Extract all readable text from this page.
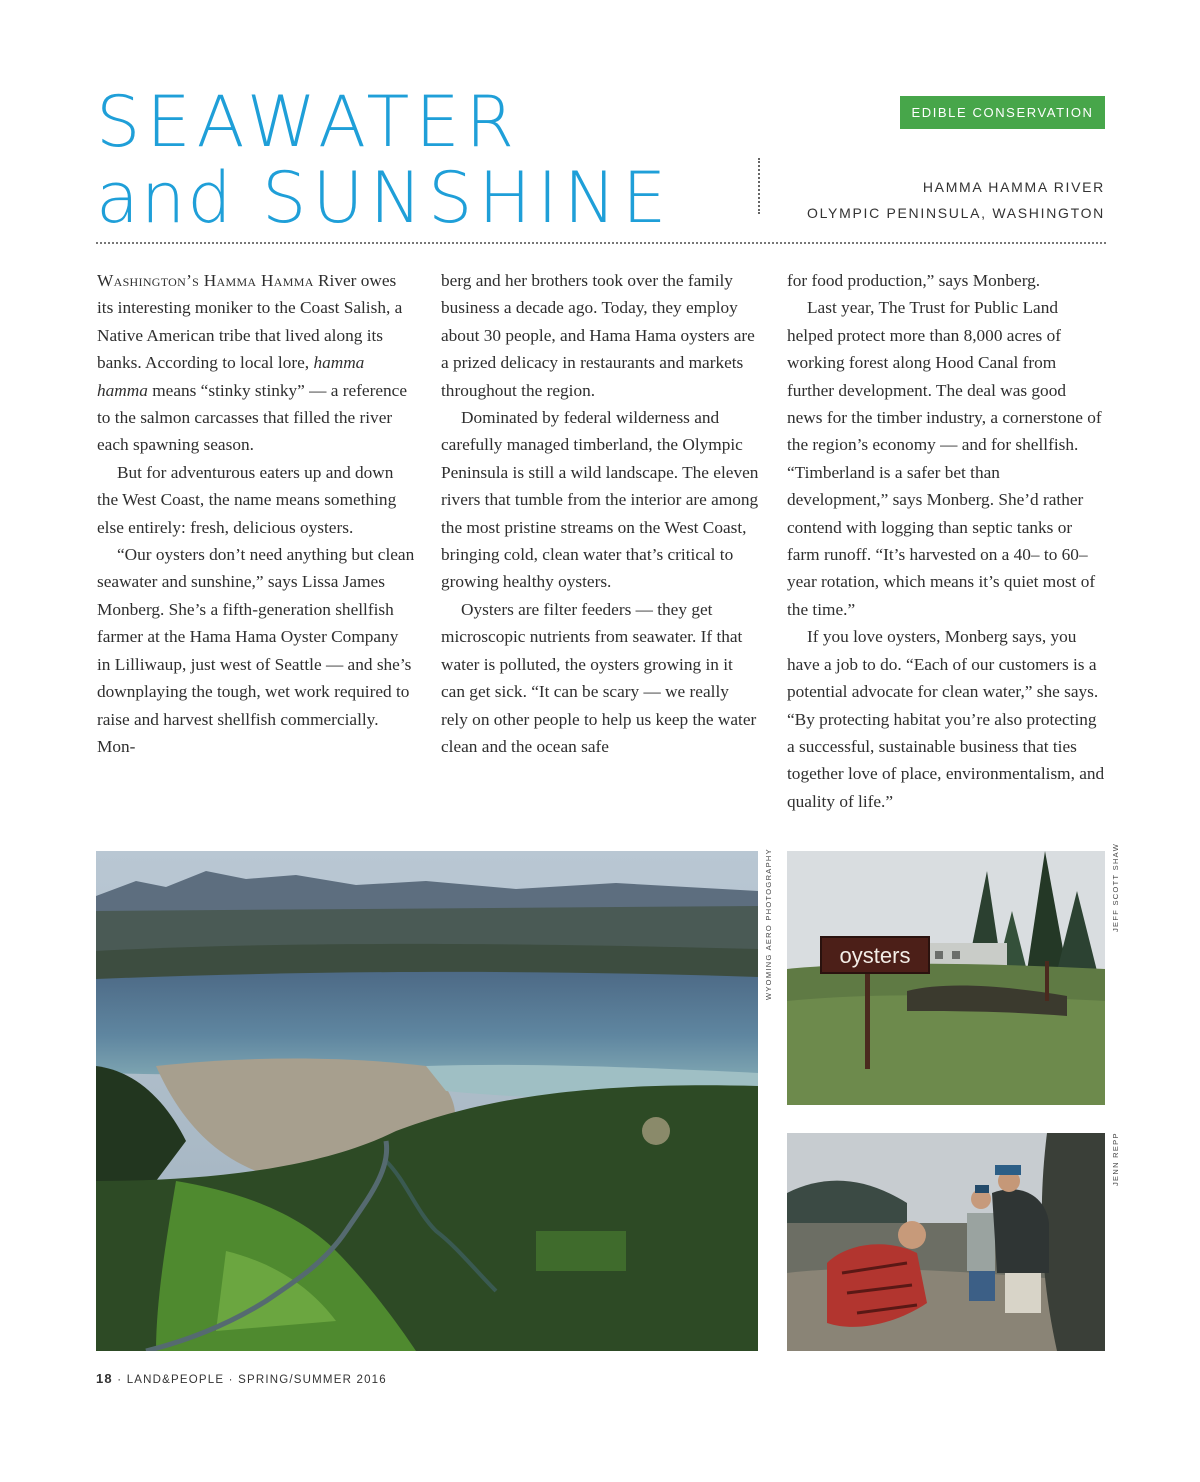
SEAWATER
and SUNSHINE
EDIBLE CONSERVATION
HAMMA HAMMA RIVER
OLYMPIC PENINSULA, WASHINGTON

Washington’s Hamma Hamma River owes its interesting moniker to the Coast Salish, a Native American tribe that lived along its banks. According to local lore, hamma hamma means “stinky stinky” — a reference to the salmon carcasses that filled the river each spawning season.

But for adventurous eaters up and down the West Coast, the name means something else entirely: fresh, delicious oysters.

“Our oysters don’t need anything but clean seawater and sunshine,” says Lissa James Monberg. She’s a fifth-generation shellfish farmer at the Hama Hama Oyster Company in Lilliwaup, just west of Seattle — and she’s downplaying the tough, wet work required to raise and harvest shellfish commercially. Mon-

berg and her brothers took over the family business a decade ago. Today, they employ about 30 people, and Hama Hama oysters are a prized delicacy in restaurants and markets throughout the region.

Dominated by federal wilderness and carefully managed timberland, the Olympic Peninsula is still a wild landscape. The eleven rivers that tumble from the interior are among the most pristine streams on the West Coast, bringing cold, clean water that’s critical to growing healthy oysters.

Oysters are filter feeders — they get microscopic nutrients from seawater. If that water is polluted, the oysters growing in it can get sick. “It can be scary — we really rely on other people to help us keep the water clean and the ocean safe

for food production,” says Monberg.

Last year, The Trust for Public Land helped protect more than 8,000 acres of working forest along Hood Canal from further development. The deal was good news for the timber industry, a cornerstone of the region’s economy — and for shellfish. “Timberland is a safer bet than development,” says Monberg. She’d rather contend with logging than septic tanks or farm runoff. “It’s harvested on a 40– to 60–year rotation, which means it’s quiet most of the time.”

If you love oysters, Monberg says, you have a job to do. “Each of our customers is a potential advocate for clean water,” she says. “By protecting habitat you’re also protecting a successful, sustainable business that ties together love of place, environmentalism, and quality of life.”

WYOMING AERO PHOTOGRAPHY	oysters
JEFF SCOTT SHAW
JENN REPP
18 · LAND&PEOPLE · SPRING/SUMMER 2016
